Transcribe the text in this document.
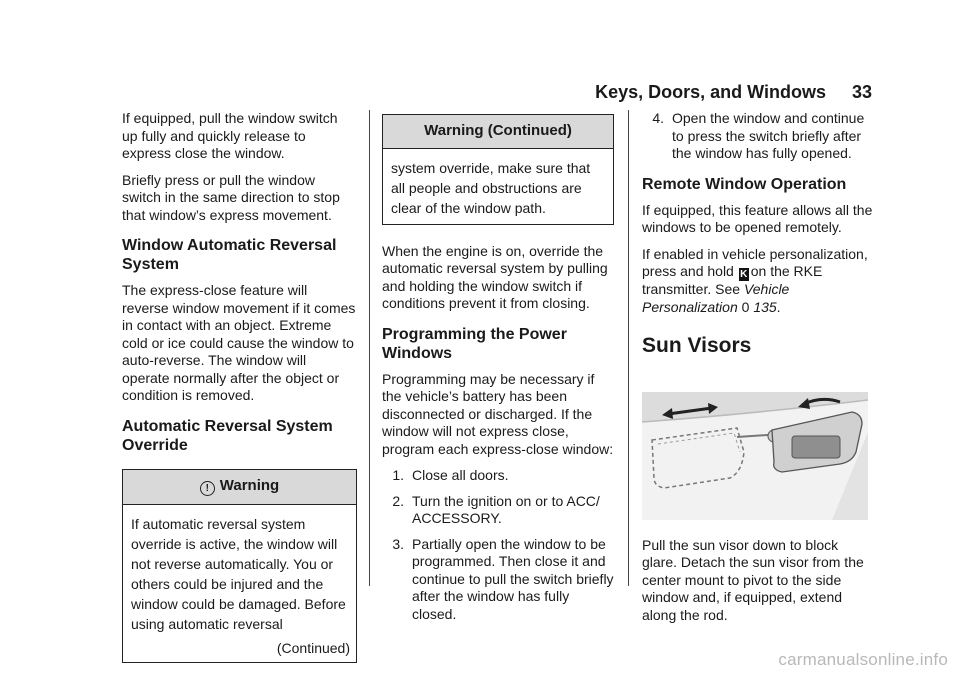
Keys, Doors, and Windows 33

If equipped, pull the window switch up fully and quickly release to express close the window.

Briefly press or pull the window switch in the same direction to stop that window’s express movement.

Window Automatic Reversal System

The express-close feature will reverse window movement if it comes in contact with an object. Extreme cold or ice could cause the window to auto-reverse. The window will operate normally after the object or condition is removed.

Automatic Reversal System Override
! Warning
If automatic reversal system override is active, the window will not reverse automatically. You or others could be injured and the window could be damaged. Before using automatic reversal
(Continued)
Warning (Continued)
system override, make sure that all people and obstructions are clear of the window path.

When the engine is on, override the automatic reversal system by pulling and holding the window switch if conditions prevent it from closing.

Programming the Power Windows

Programming may be necessary if the vehicle’s battery has been disconnected or discharged. If the window will not express close, program each express-close window:

1. Close all doors.
2. Turn the ignition on or to ACC/ ACCESSORY.
3. Partially open the window to be programmed. Then close it and continue to pull the switch briefly after the window has fully closed.
4. Open the window and continue to press the switch briefly after the window has fully opened.
Remote Window Operation

If equipped, this feature allows all the windows to be opened remotely.

If enabled in vehicle personalization, press and hold K on the RKE transmitter. See Vehicle Personalization 0 135.

Sun Visors

Pull the sun visor down to block glare. Detach the sun visor from the center mount to pivot to the side window and, if equipped, extend along the rod.

carmanualsonline.info
